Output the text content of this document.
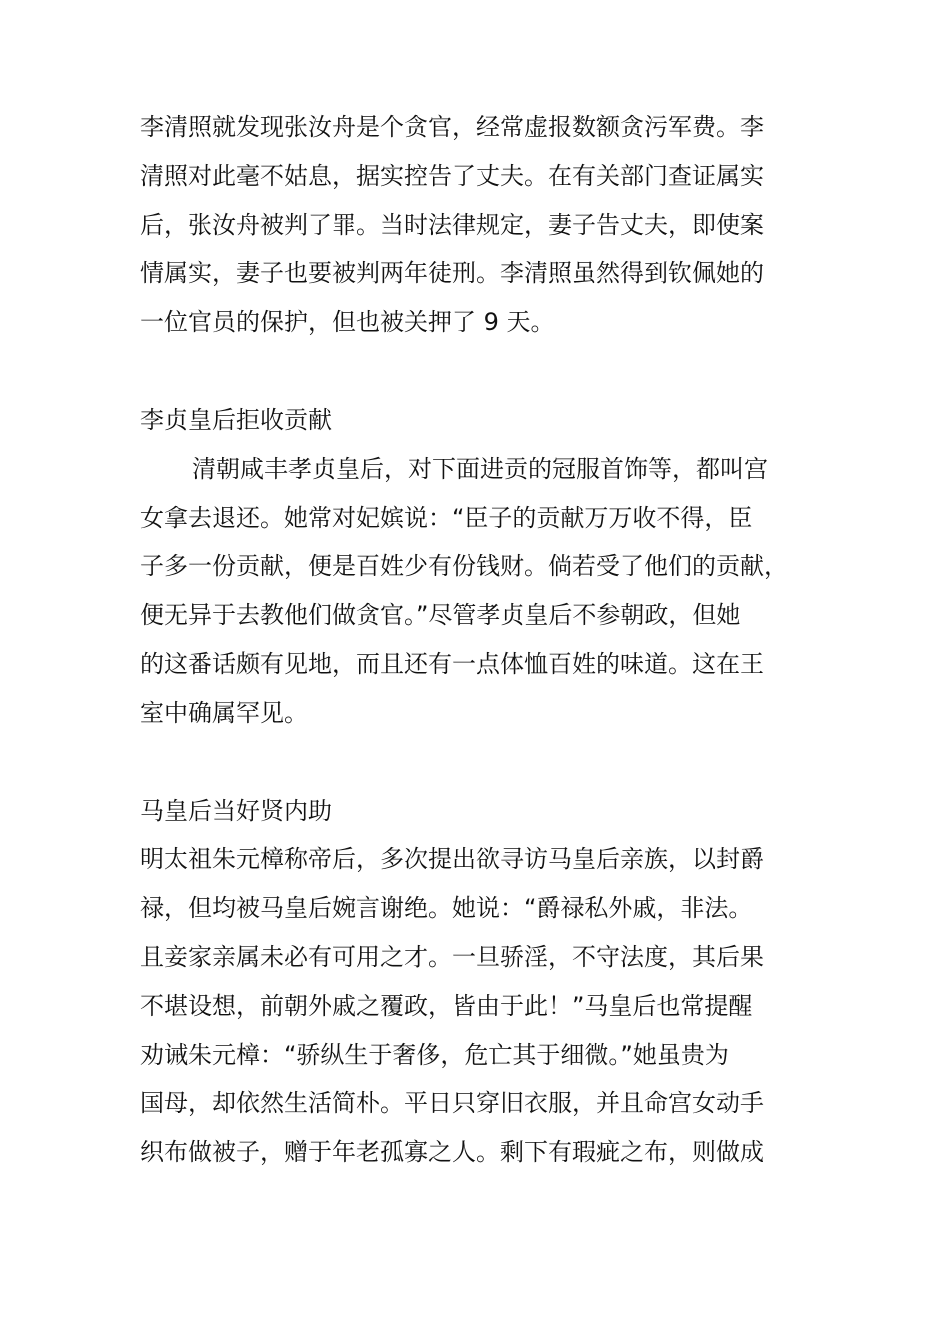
李清照就发现张汝舟是个贪官，经常虚报数额贪污军费。李
清照对此毫不姑息，据实控告了丈夫。在有关部门查证属实
后，张汝舟被判了罪。当时法律规定，妻子告丈夫，即使案
情属实，妻子也要被判两年徒刑。李清照虽然得到钦佩她的
一位官员的保护，但也被关押了 9 天。
李贞皇后拒收贡献
清朝咸丰孝贞皇后，对下面进贡的冠服首饰等，都叫宫
女拿去退还。她常对妃嫔说：“臣子的贡献万万收不得，臣
子多一份贡献，便是百姓少有份钱财。倘若受了他们的贡献，
便无异于去教他们做贪官。”尽管孝贞皇后不参朝政，但她
的这番话颇有见地，而且还有一点体恤百姓的味道。这在王
室中确属罕见。
马皇后当好贤内助
明太祖朱元樟称帝后，多次提出欲寻访马皇后亲族，以封爵
禄，但均被马皇后婉言谢绝。她说：“爵禄私外戚，非法。
且妾家亲属未必有可用之才。一旦骄淫，不守法度，其后果
不堪设想，前朝外戚之覆政，皆由于此！”马皇后也常提醒
劝诫朱元樟：“骄纵生于奢侈，危亡其于细微。”她虽贵为
国母，却依然生活简朴。平日只穿旧衣服，并且命宫女动手
织布做被子，赠于年老孤寡之人。剩下有瑕疵之布，则做成
